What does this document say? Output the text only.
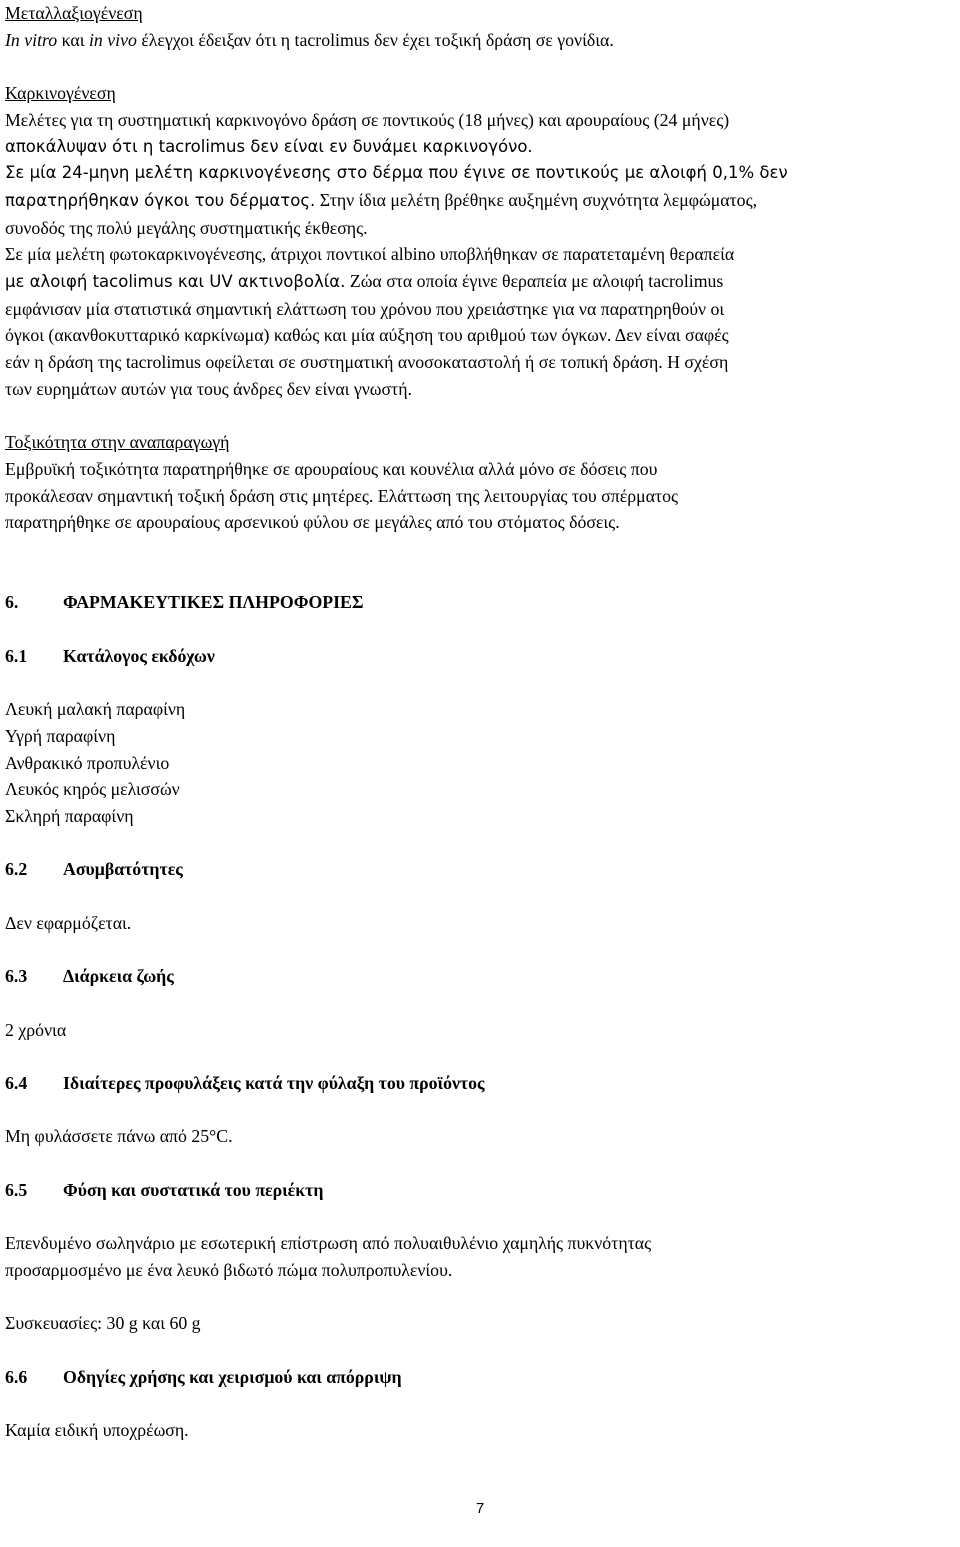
Μεταλλαξιογένεση

In vitro και in vivo έλεγχοι έδειξαν ότι η tacrolimus δεν έχει τοξική δράση σε γονίδια.

Καρκινογένεση

Μελέτες για τη συστηματική καρκινογόνο δράση σε ποντικούς (18 μήνες) και αρουραίους (24 μήνες)

αποκάλυψαν ότι η tacrolimus δεν είναι εν δυνάμει καρκινογόνο.

Σε μία 24-μηνη μελέτη καρκινογένεσης στο δέρμα που έγινε σε ποντικούς με αλοιφή 0,1% δεν

παρατηρήθηκαν όγκοι του δέρματος. Στην ίδια μελέτη βρέθηκε αυξημένη συχνότητα λεμφώματος,

συνοδός της πολύ μεγάλης συστηματικής έκθεσης.

Σε μία μελέτη φωτοκαρκινογένεσης, άτριχοι ποντικοί albino υποβλήθηκαν σε παρατεταμένη θεραπεία

με αλοιφή tacolimus και UV ακτινοβολία. Ζώα στα οποία έγινε θεραπεία με αλοιφή tacrolimus

εμφάνισαν μία στατιστικά σημαντική ελάττωση του χρόνου που χρειάστηκε για να παρατηρηθούν οι

όγκοι (ακανθοκυτταρικό καρκίνωμα) καθώς και μία αύξηση του αριθμού των όγκων. Δεν είναι σαφές

εάν η δράση της tacrolimus οφείλεται σε συστηματική ανοσοκαταστολή ή σε τοπική δράση. Η σχέση

των ευρημάτων αυτών για τους άνδρες δεν είναι γνωστή.

Τοξικότητα στην αναπαραγωγή

Εμβρυϊκή τοξικότητα παρατηρήθηκε σε αρουραίους και κουνέλια αλλά μόνο σε δόσεις που

προκάλεσαν σημαντική τοξική δράση στις μητέρες. Ελάττωση της λειτουργίας του σπέρματος

παρατηρήθηκε σε αρουραίους αρσενικού φύλου σε μεγάλες από του στόματος δόσεις.

6.	ΦΑΡΜΑΚΕΥΤΙΚΕΣ ΠΛΗΡΟΦΟΡΙΕΣ

6.1	Κατάλογος εκδόχων

Λευκή μαλακή παραφίνη

Υγρή παραφίνη

Ανθρακικό προπυλένιο

Λευκός κηρός μελισσών

Σκληρή παραφίνη

6.2	Ασυμβατότητες

Δεν εφαρμόζεται.

6.3	Διάρκεια ζωής

2 χρόνια

6.4	Ιδιαίτερες προφυλάξεις κατά την φύλαξη του προϊόντος

Μη φυλάσσετε πάνω από 25°C.

6.5	Φύση και συστατικά του περιέκτη

Επενδυμένο σωληνάριο με εσωτερική επίστρωση από πολυαιθυλένιο χαμηλής πυκνότητας

προσαρμοσμένο με ένα λευκό βιδωτό πώμα πολυπροπυλενίου.

Συσκευασίες: 30 g και 60 g

6.6	Οδηγίες χρήσης και χειρισμού και απόρριψη

Καμία ειδική υποχρέωση.

7
